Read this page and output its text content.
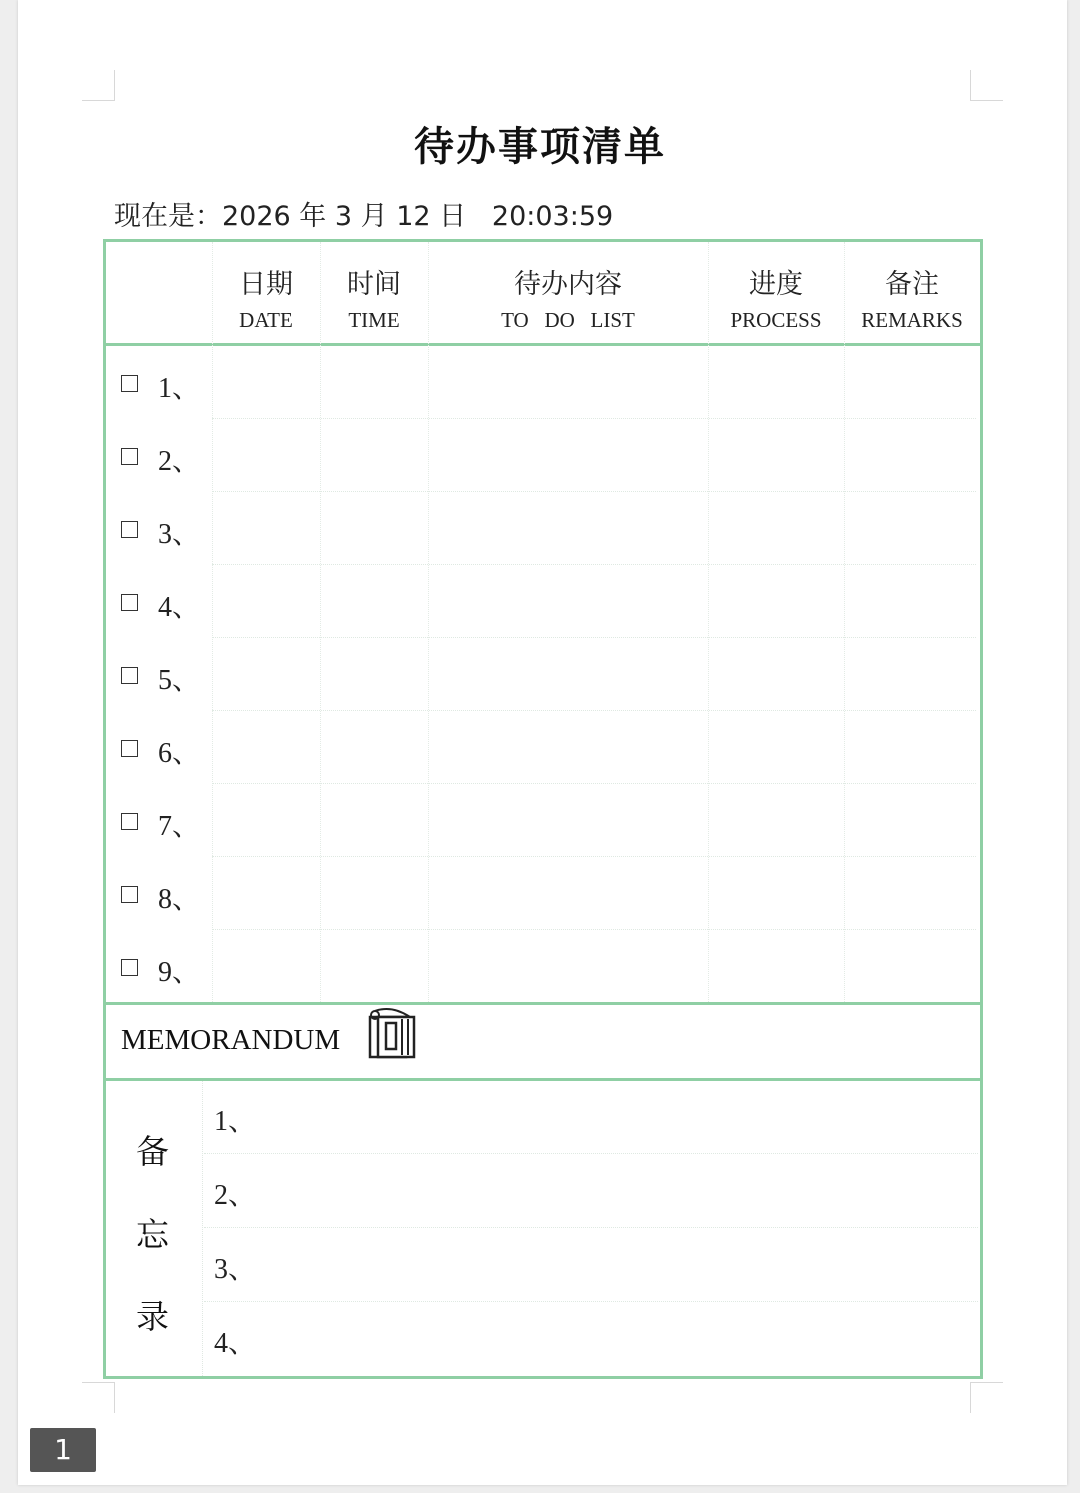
待办事项清单
现在是：2026 年 3 月 12 日   20:03:59
日期
DATE
时间
TIME
待办内容
TO   DO   LIST
进度
PROCESS
备注
REMARKS
1、
2、
3、
4、
5、
6、
7、
8、
9、
MEMORANDUM
备
忘
录
1、
2、
3、
4、
1
